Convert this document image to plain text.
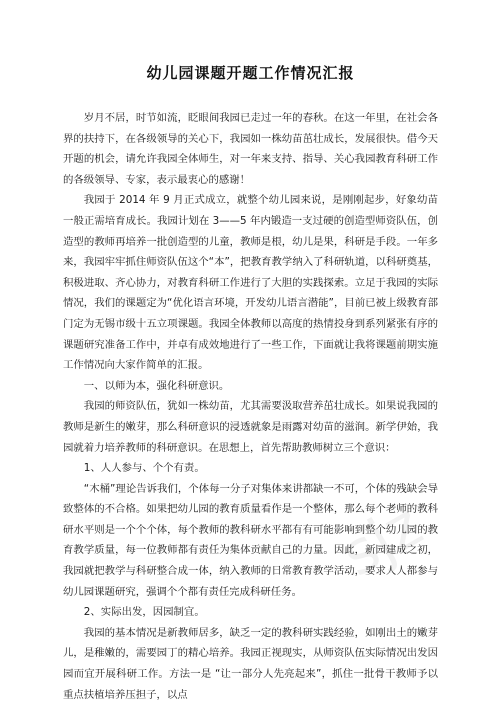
幼儿园课题开题工作情况汇报

岁月不居，时节如流，眨眼间我园已走过一年的春秋。在这一年里，在社会各界的扶持下，在各级领导的关心下，我园如一株幼苗茁壮成长，发展很快。借今天开题的机会，请允许我园全体师生，对一年来支持、指导、关心我园教育科研工作的各级领导、专家，表示最衷心的感谢！

我园于 2014 年 9 月正式成立，就整个幼儿园来说，是刚刚起步，好象幼苗一般正需培育成长。我园计划在 3——5 年内锻造一支过硬的创造型师资队伍，创造型的教师再培养一批创造型的儿童，教师是根，幼儿是果，科研是手段。一年多来，我园牢牢抓住师资队伍这个“本”，把教育教学纳入了科研轨道，以科研奠基，积极进取、齐心协力，对教育科研工作进行了大胆的实践探索。立足于我园的实际情况，我们的课题定为“优化语言环境，开发幼儿语言潜能”，目前已被上级教育部门定为无锡市级十五立项课题。我园全体教师以高度的热情投身到系列紧张有序的课题研究准备工作中，并卓有成效地进行了一些工作，下面就让我将课题前期实施工作情况向大家作简单的汇报。

一、以师为本，强化科研意识。

我园的师资队伍，犹如一株幼苗，尤其需要汲取营养茁壮成长。如果说我园的教师是新生的嫩芽，那么科研意识的浸透就象是雨露对幼苗的滋润。新学伊始，我园就着力培养教师的科研意识。在思想上，首先帮助教师树立三个意识：

1、人人参与、个个有责。

“木桶”理论告诉我们，个体每一分子对集体来讲都缺一不可，个体的残缺会导致整体的不合格。如果把幼儿园的教育质量看作是一个整体，那么每个老师的教科研水平则是一个个个体，每个教师的教科研水平都有有可能影响到整个幼儿园的教育教学质量，每一位教师都有责任为集体贡献自己的力量。因此，新园建成之初，我园就把教学与科研整合成一体，纳入教师的日常教育教学活动，要求人人都参与幼儿园课题研究，强调个个都有责任完成科研任务。

2、实际出发，因园制宜。

我园的基本情况是新教师居多，缺乏一定的教科研实践经验，如刚出土的嫩芽儿，是稚嫩的，需要园丁的精心培养。我园正视现实，从师资队伍实际情况出发因园而宜开展科研工作。方法一是 “让一部分人先亮起来”，抓住一批骨干教师予以重点扶植培养压担子，以点

sjz
